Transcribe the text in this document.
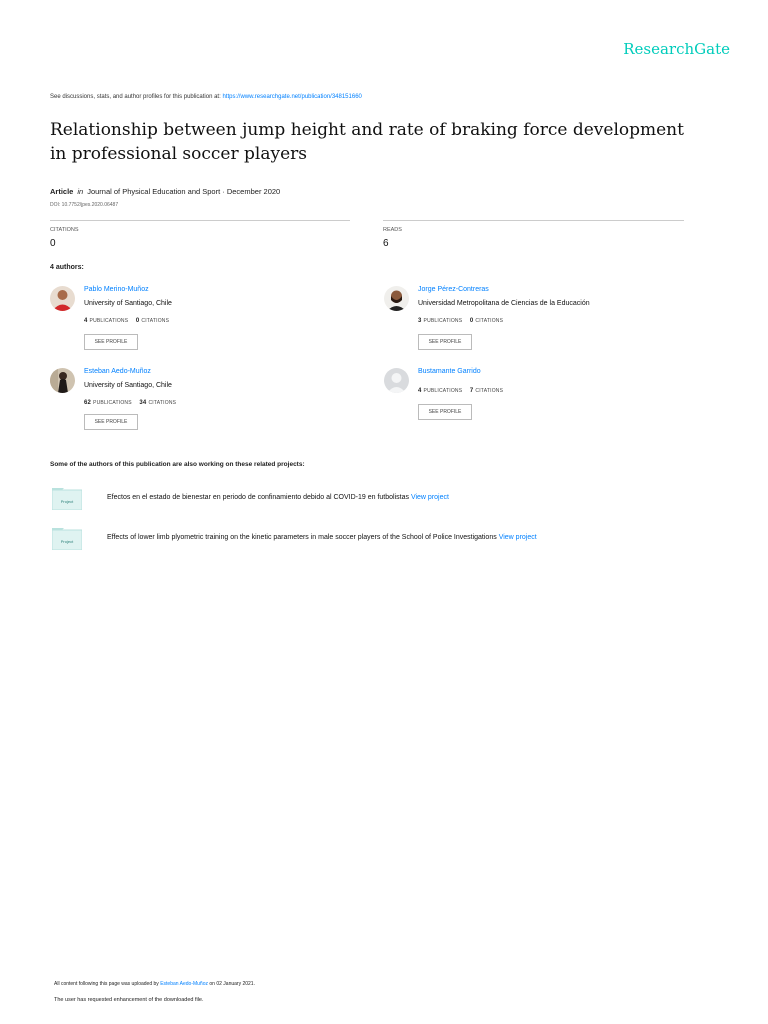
ResearchGate
See discussions, stats, and author profiles for this publication at: https://www.researchgate.net/publication/348151660
Relationship between jump height and rate of braking force development in professional soccer players
Article in Journal of Physical Education and Sport · December 2020
DOI: 10.7752/jpes.2020.06487
CITATIONS
0
READS
6
4 authors:
Pablo Merino-Muñoz
University of Santiago, Chile
4 PUBLICATIONS 0 CITATIONS
SEE PROFILE
Jorge Pérez-Contreras
Universidad Metropolitana de Ciencias de la Educación
3 PUBLICATIONS 0 CITATIONS
SEE PROFILE
Esteban Aedo-Muñoz
University of Santiago, Chile
62 PUBLICATIONS 34 CITATIONS
SEE PROFILE
Bustamante Garrido
4 PUBLICATIONS 7 CITATIONS
SEE PROFILE
Some of the authors of this publication are also working on these related projects:
Project
Efectos en el estado de bienestar en periodo de confinamiento debido al COVID-19 en futbolistas View project
Project
Effects of lower limb plyometric training on the kinetic parameters in male soccer players of the School of Police Investigations View project
All content following this page was uploaded by Esteban Aedo-Muñoz on 02 January 2021.
The user has requested enhancement of the downloaded file.
